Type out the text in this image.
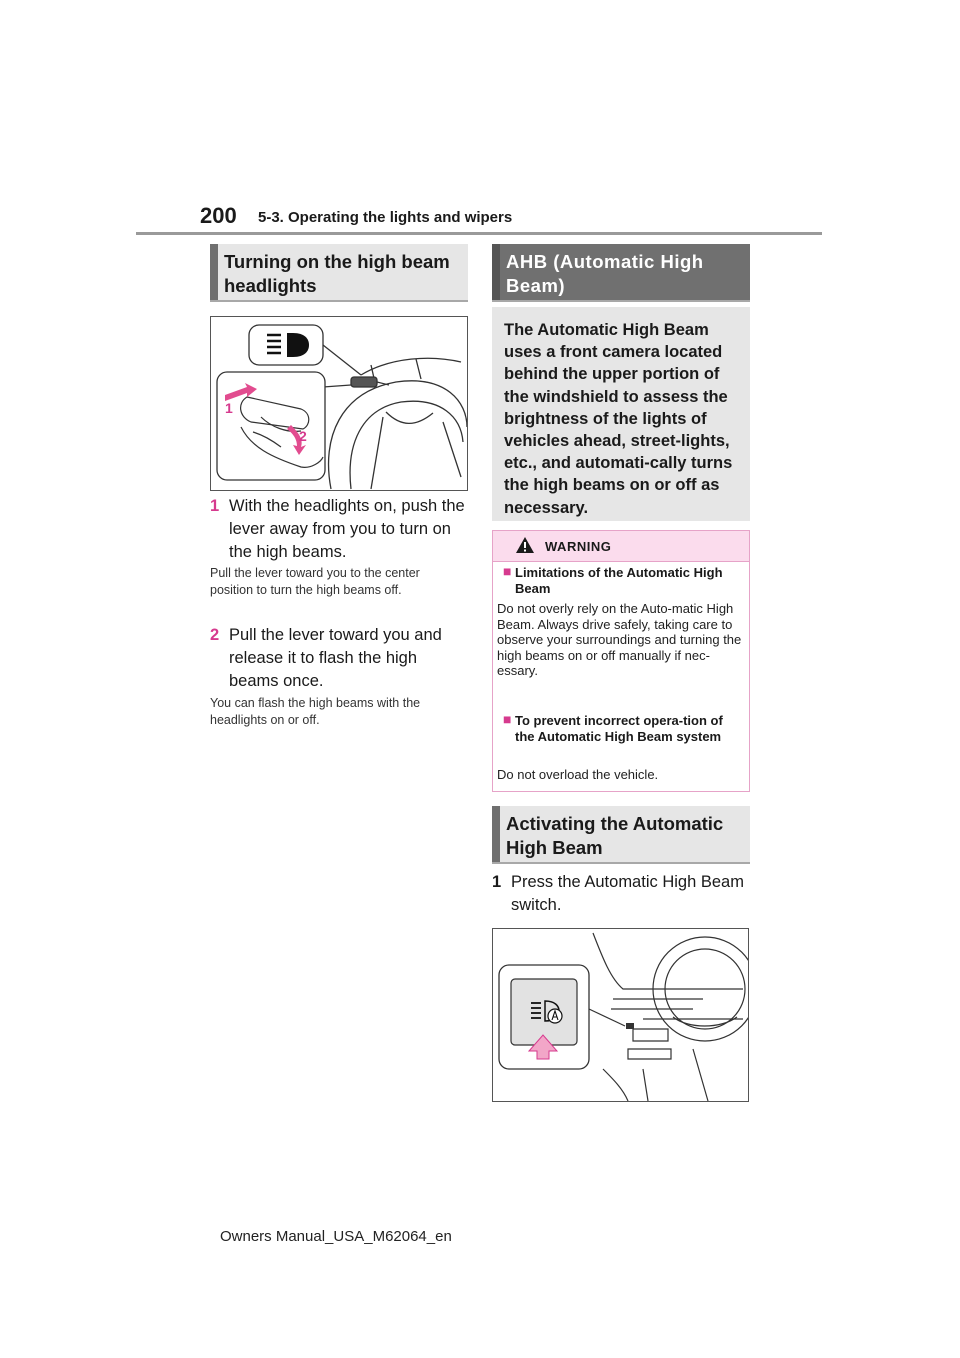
200 5-3. Operating the lights and wipers
Turning on the high beam headlights
1
2
1 With the headlights on, push the lever away from you to turn on the high beams.
Pull the lever toward you to the center position to turn the high beams off.
2 Pull the lever toward you and release it to flash the high beams once.
You can flash the high beams with the headlights on or off.
AHB (Automatic High Beam)
The Automatic High Beam uses a front camera located behind the upper portion of the windshield to assess the brightness of the lights of vehicles ahead, street-lights, etc., and automati-cally turns the high beams on or off as necessary.
WARNING
■ Limitations of the Automatic High Beam
Do not overly rely on the Auto-matic High Beam. Always drive safely, taking care to observe your surroundings and turning the high beams on or off manually if nec-essary.
■ To prevent incorrect opera-tion of the Automatic High Beam system
Do not overload the vehicle.
Activating the Automatic High Beam
1 Press the Automatic High Beam switch.
Owners Manual_USA_M62064_en
